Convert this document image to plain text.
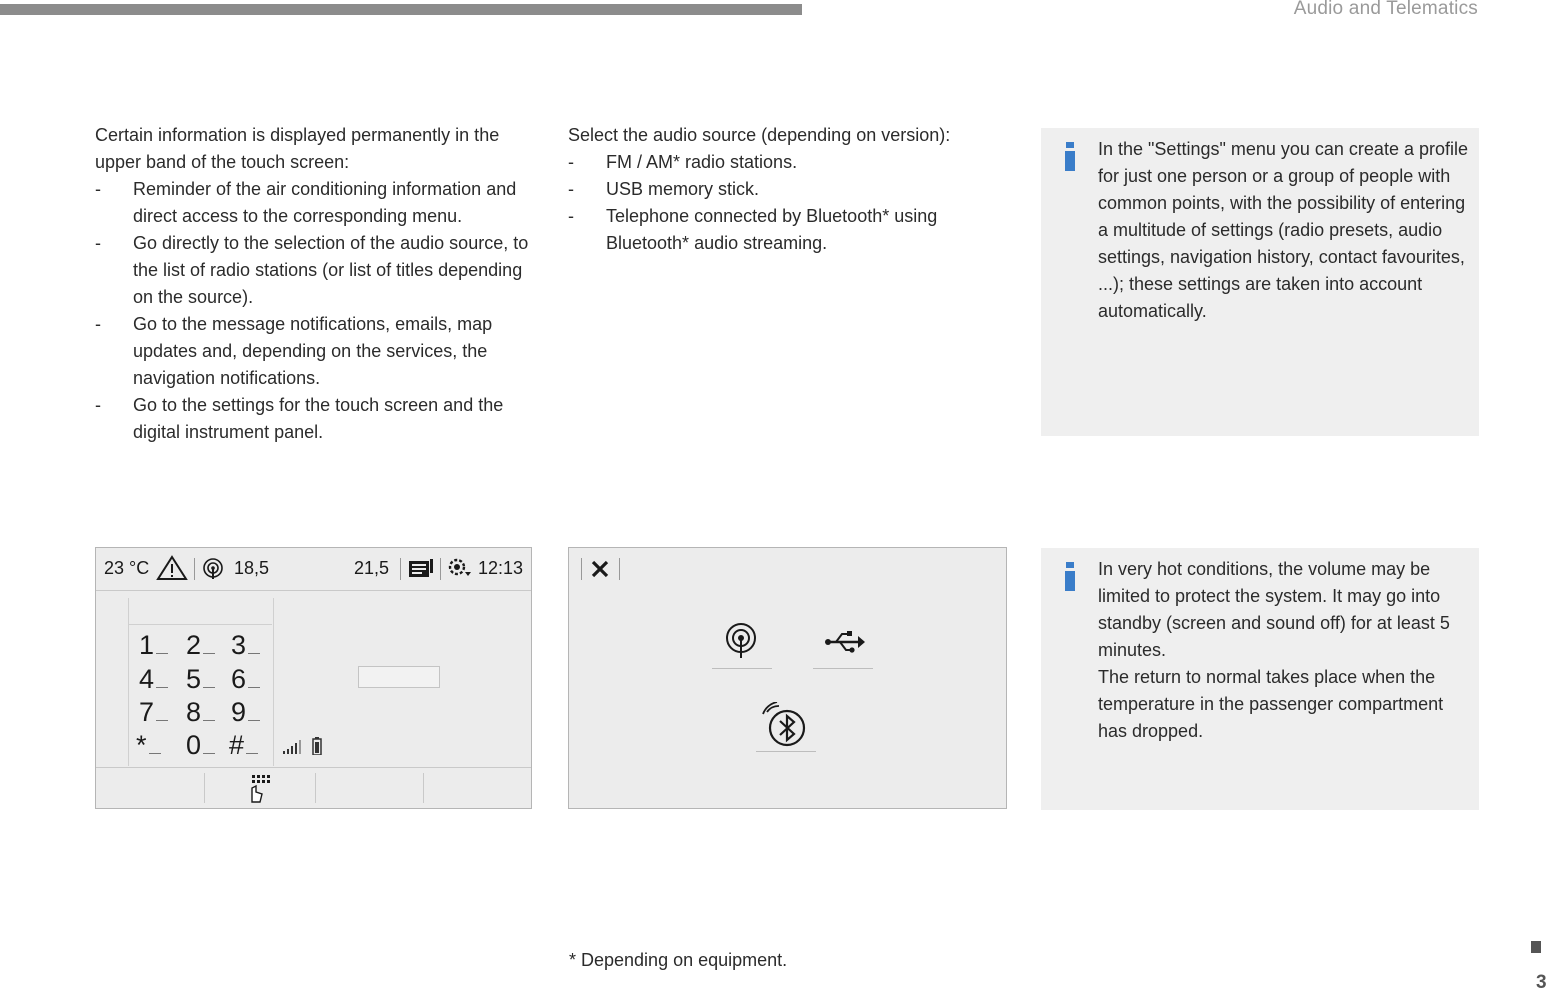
Audio and Telematics

Certain information is displayed permanently in the upper band of the touch screen:

- Reminder of the air conditioning information and direct access to the corresponding menu.
- Go directly to the selection of the audio source, to the list of radio stations (or list of titles depending on the source).
- Go to the message notifications, emails, map updates and, depending on the services, the navigation notifications.
- Go to the settings for the touch screen and the digital instrument panel.

Select the audio source (depending on version):

- FM / AM* radio stations.
- USB memory stick.
- Telephone connected by Bluetooth* using Bluetooth* audio streaming.
In the "Settings" menu you can create a profile for just one person or a group of people with common points, with the possibility of entering a multitude of settings (radio presets, audio settings, navigation history, contact favourites, ...); these settings are taken into account automatically.
In very hot conditions, the volume may be limited to protect the system. It may go into standby (screen and sound off) for at least 5 minutes.
The return to normal takes place when the temperature in the passenger compartment has dropped.
23 °C	18,5	21,5	12:13
1	2	3
4	5	6
7	8	9
*	0	#
* Depending on equipment.
3
